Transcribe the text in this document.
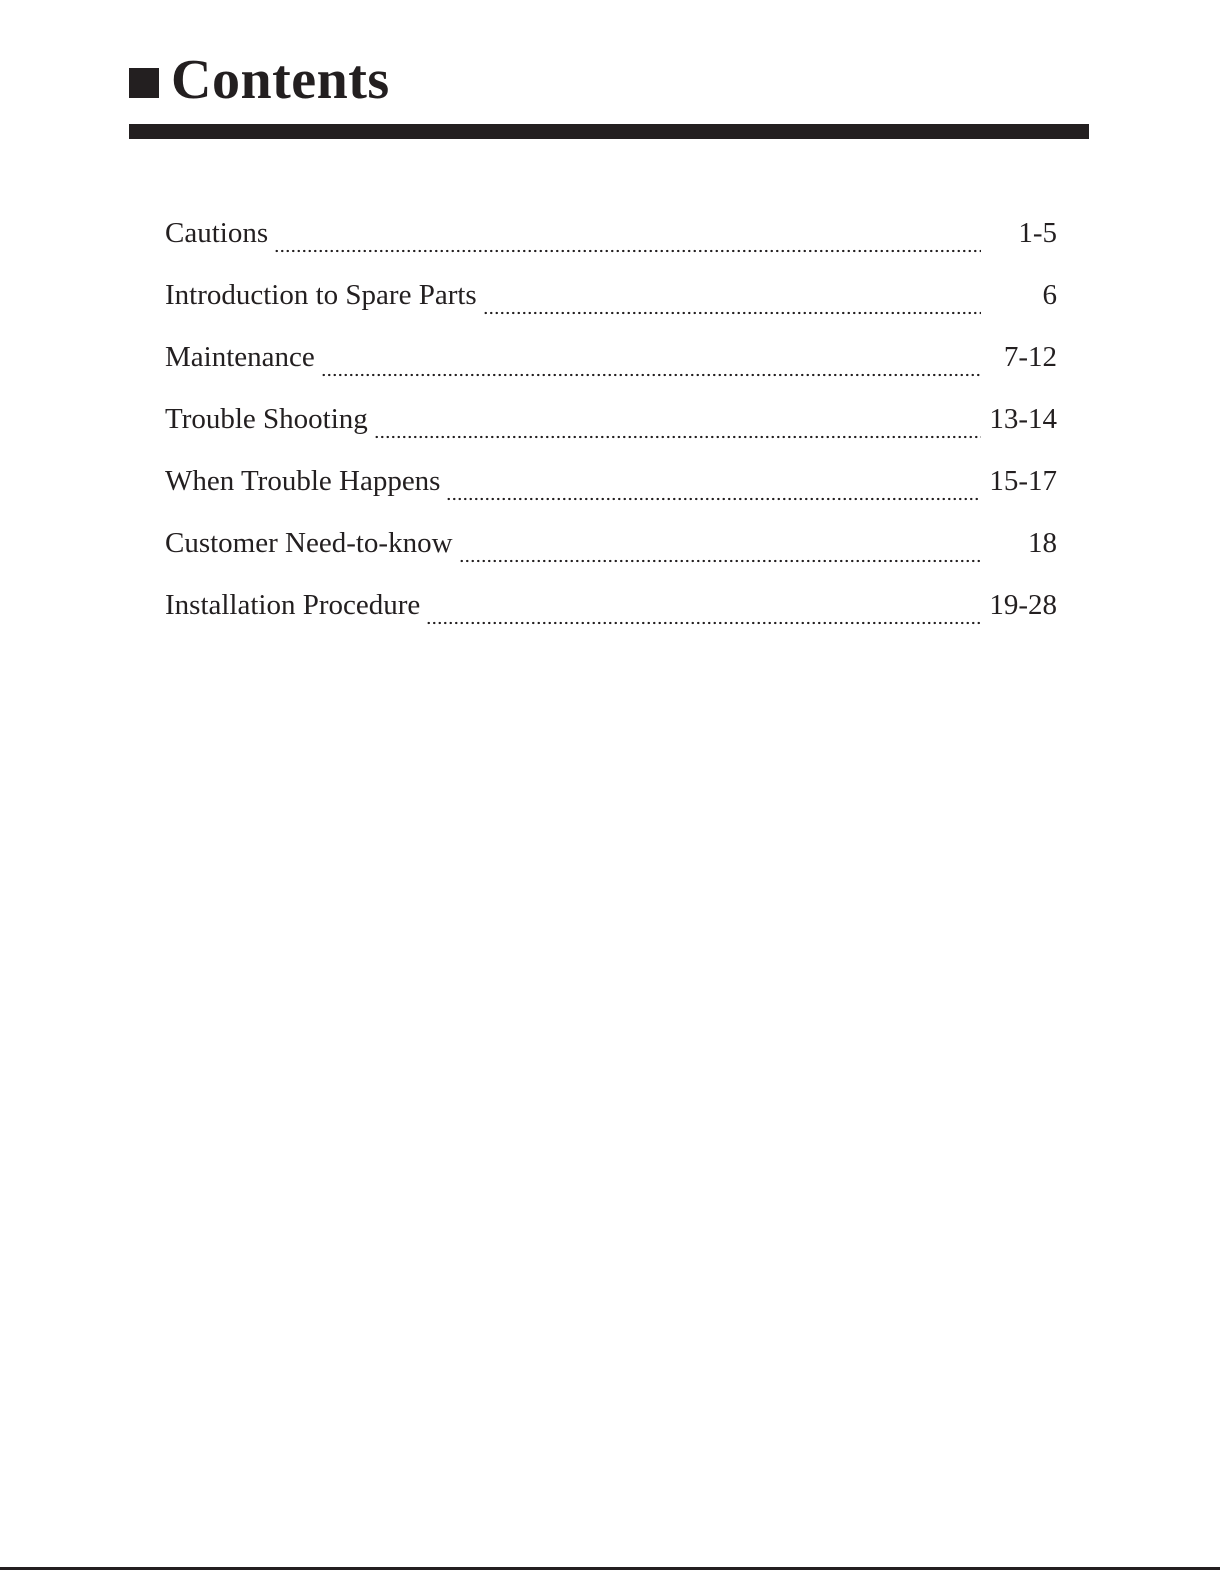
Contents
Cautions	1-5
Introduction to Spare Parts	6
Maintenance	7-12
Trouble Shooting	13-14
When Trouble Happens	15-17
Customer Need-to-know	18
Installation Procedure	19-28
